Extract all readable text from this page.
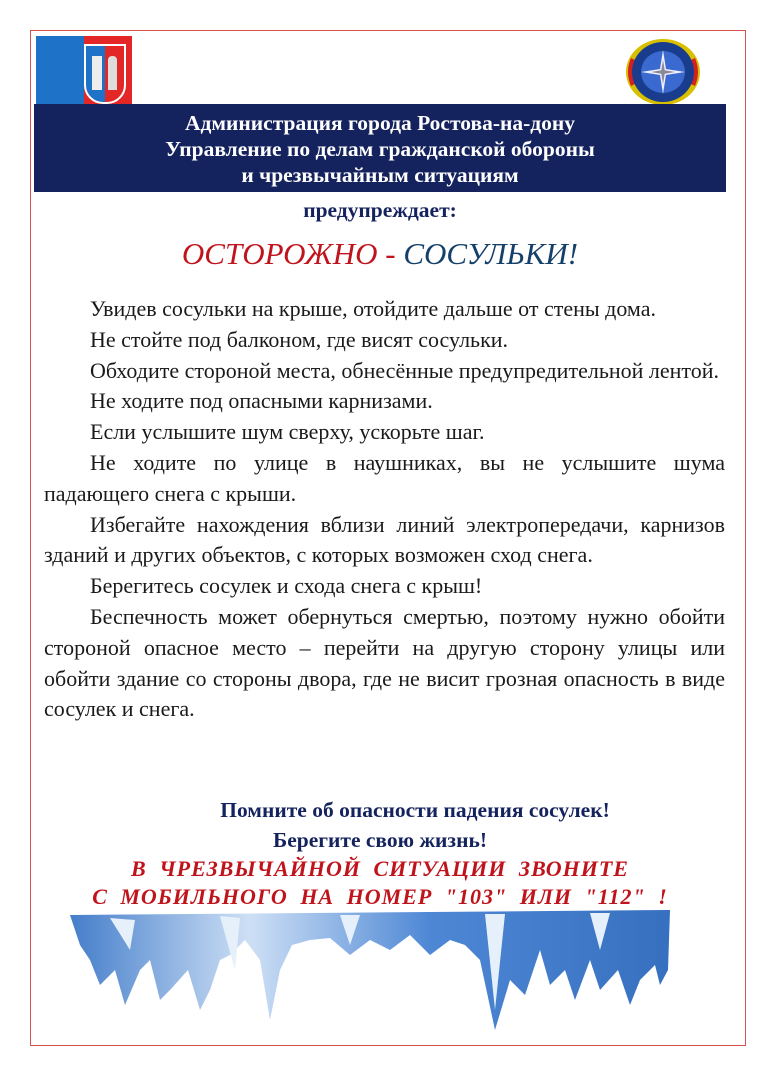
Администрация города Ростова-на-дону
Управление по делам гражданской обороны
и чрезвычайным ситуациям
предупреждает:
ОСТОРОЖНО - СОСУЛЬКИ!

Увидев сосульки на крыше, отойдите дальше от стены дома.

Не стойте под балконом, где висят сосульки.

Обходите стороной места, обнесённые предупредительной лентой.

Не ходите под опасными карнизами.

Если услышите шум сверху, ускорьте шаг.

Не ходите по улице в наушниках, вы не услышите шума падающего снега с крыши.

Избегайте нахождения вблизи линий электропередачи, карнизов зданий и других объектов, с которых возможен сход снега.

Берегитесь сосулек и схода снега с крыш!

Беспечность может обернуться смертью, поэтому нужно обойти стороной опасное место – перейти на другую сторону улицы или обойти здание со стороны двора, где не висит грозная опасность в виде сосулек и снега.

Помните об опасности падения сосулек!
Берегите свою жизнь!
В ЧРЕЗВЫЧАЙНОЙ СИТУАЦИИ ЗВОНИТЕ
С МОБИЛЬНОГО НА НОМЕР "103" ИЛИ "112" !
